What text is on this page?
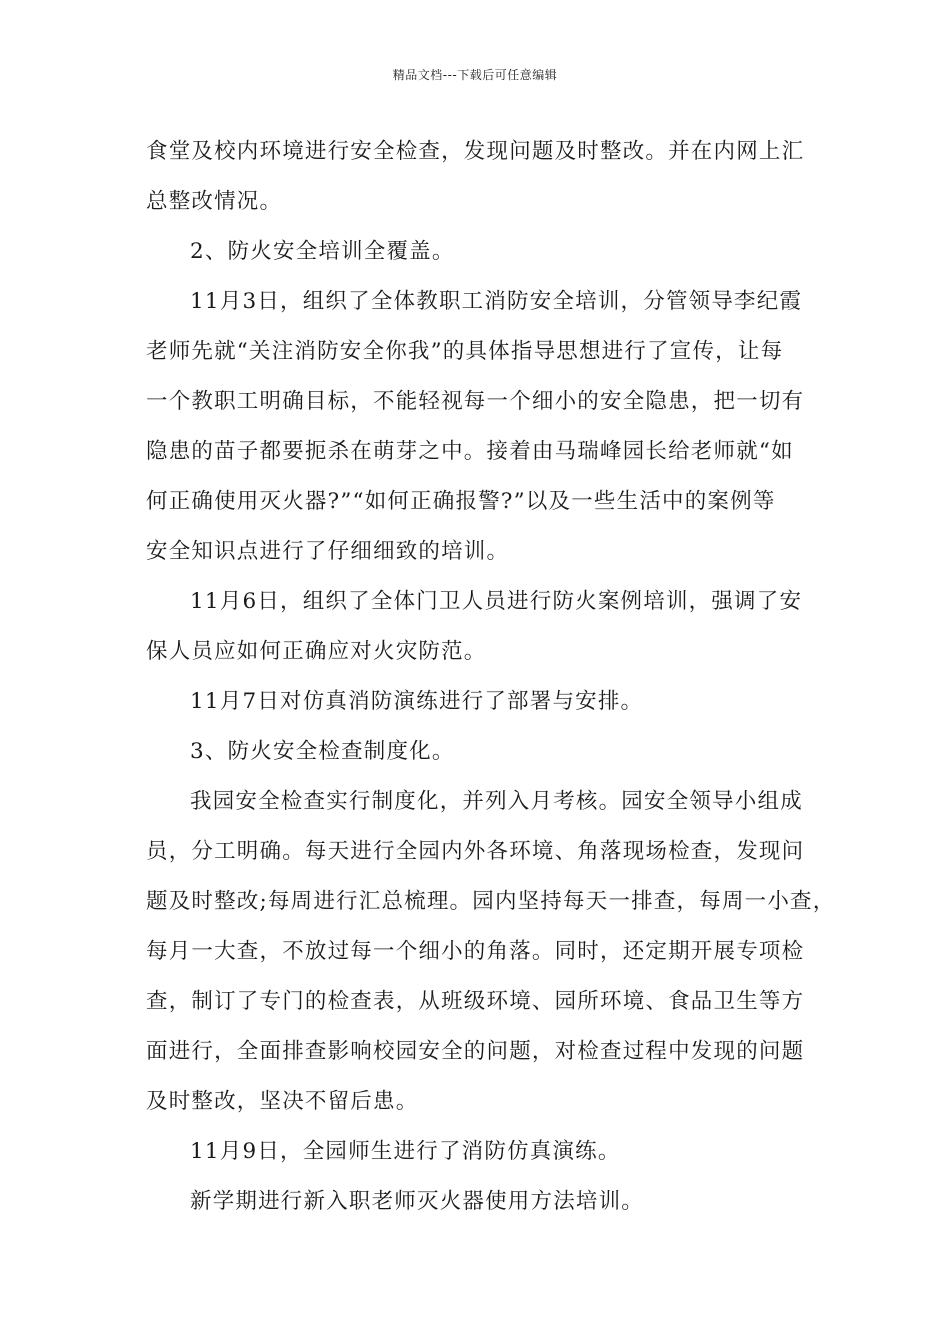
精品文档---下载后可任意编辑
食堂及校内环境进行安全检查，发现问题及时整改。并在内网上汇
总整改情况。
2、防火安全培训全覆盖。
11月3日，组织了全体教职工消防安全培训，分管领导李纪霞
老师先就“关注消防安全你我”的具体指导思想进行了宣传，让每
一个教职工明确目标，不能轻视每一个细小的安全隐患，把一切有
隐患的苗子都要扼杀在萌芽之中。接着由马瑞峰园长给老师就“如
何正确使用灭火器?”“如何正确报警?”以及一些生活中的案例等
安全知识点进行了仔细细致的培训。
11月6日，组织了全体门卫人员进行防火案例培训，强调了安
保人员应如何正确应对火灾防范。
11月7日对仿真消防演练进行了部署与安排。
3、防火安全检查制度化。
我园安全检查实行制度化，并列入月考核。园安全领导小组成
员，分工明确。每天进行全园内外各环境、角落现场检查，发现问
题及时整改;每周进行汇总梳理。园内坚持每天一排查，每周一小查，
每月一大查，不放过每一个细小的角落。同时，还定期开展专项检
查，制订了专门的检查表，从班级环境、园所环境、食品卫生等方
面进行，全面排查影响校园安全的问题，对检查过程中发现的问题
及时整改，坚决不留后患。
11月9日，全园师生进行了消防仿真演练。
新学期进行新入职老师灭火器使用方法培训。
